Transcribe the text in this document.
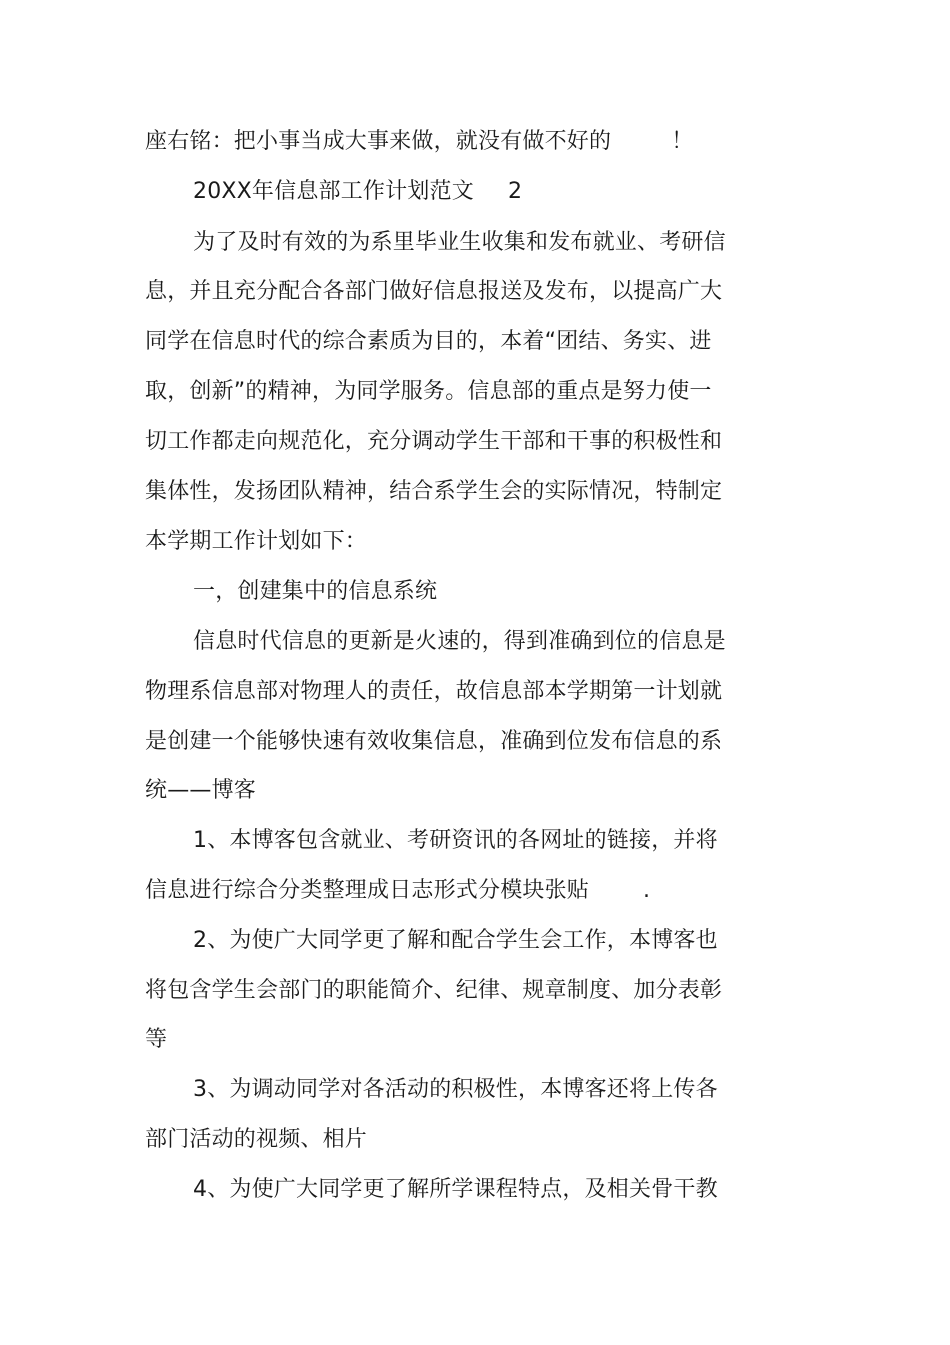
座右铭：把小事当成大事来做，就没有做不好的	！
20XX年信息部工作计划范文 2
为了及时有效的为系里毕业生收集和发布就业、考研信
息，并且充分配合各部门做好信息报送及发布，以提高广大
同学在信息时代的综合素质为目的，本着“团结、务实、进
取，创新”的精神，为同学服务。信息部的重点是努力使一
切工作都走向规范化，充分调动学生干部和干事的积极性和
集体性，发扬团队精神，结合系学生会的实际情况，特制定
本学期工作计划如下：
一，创建集中的信息系统
信息时代信息的更新是火速的，得到准确到位的信息是
物理系信息部对物理人的责任，故信息部本学期第一计划就
是创建一个能够快速有效收集信息，准确到位发布信息的系
统——博客
1、本博客包含就业、考研资讯的各网址的链接，并将
信息进行综合分类整理成日志形式分模块张贴 .
2、为使广大同学更了解和配合学生会工作，本博客也
将包含学生会部门的职能简介、纪律、规章制度、加分表彰
等
3、为调动同学对各活动的积极性，本博客还将上传各
部门活动的视频、相片
4、为使广大同学更了解所学课程特点，及相关骨干教
